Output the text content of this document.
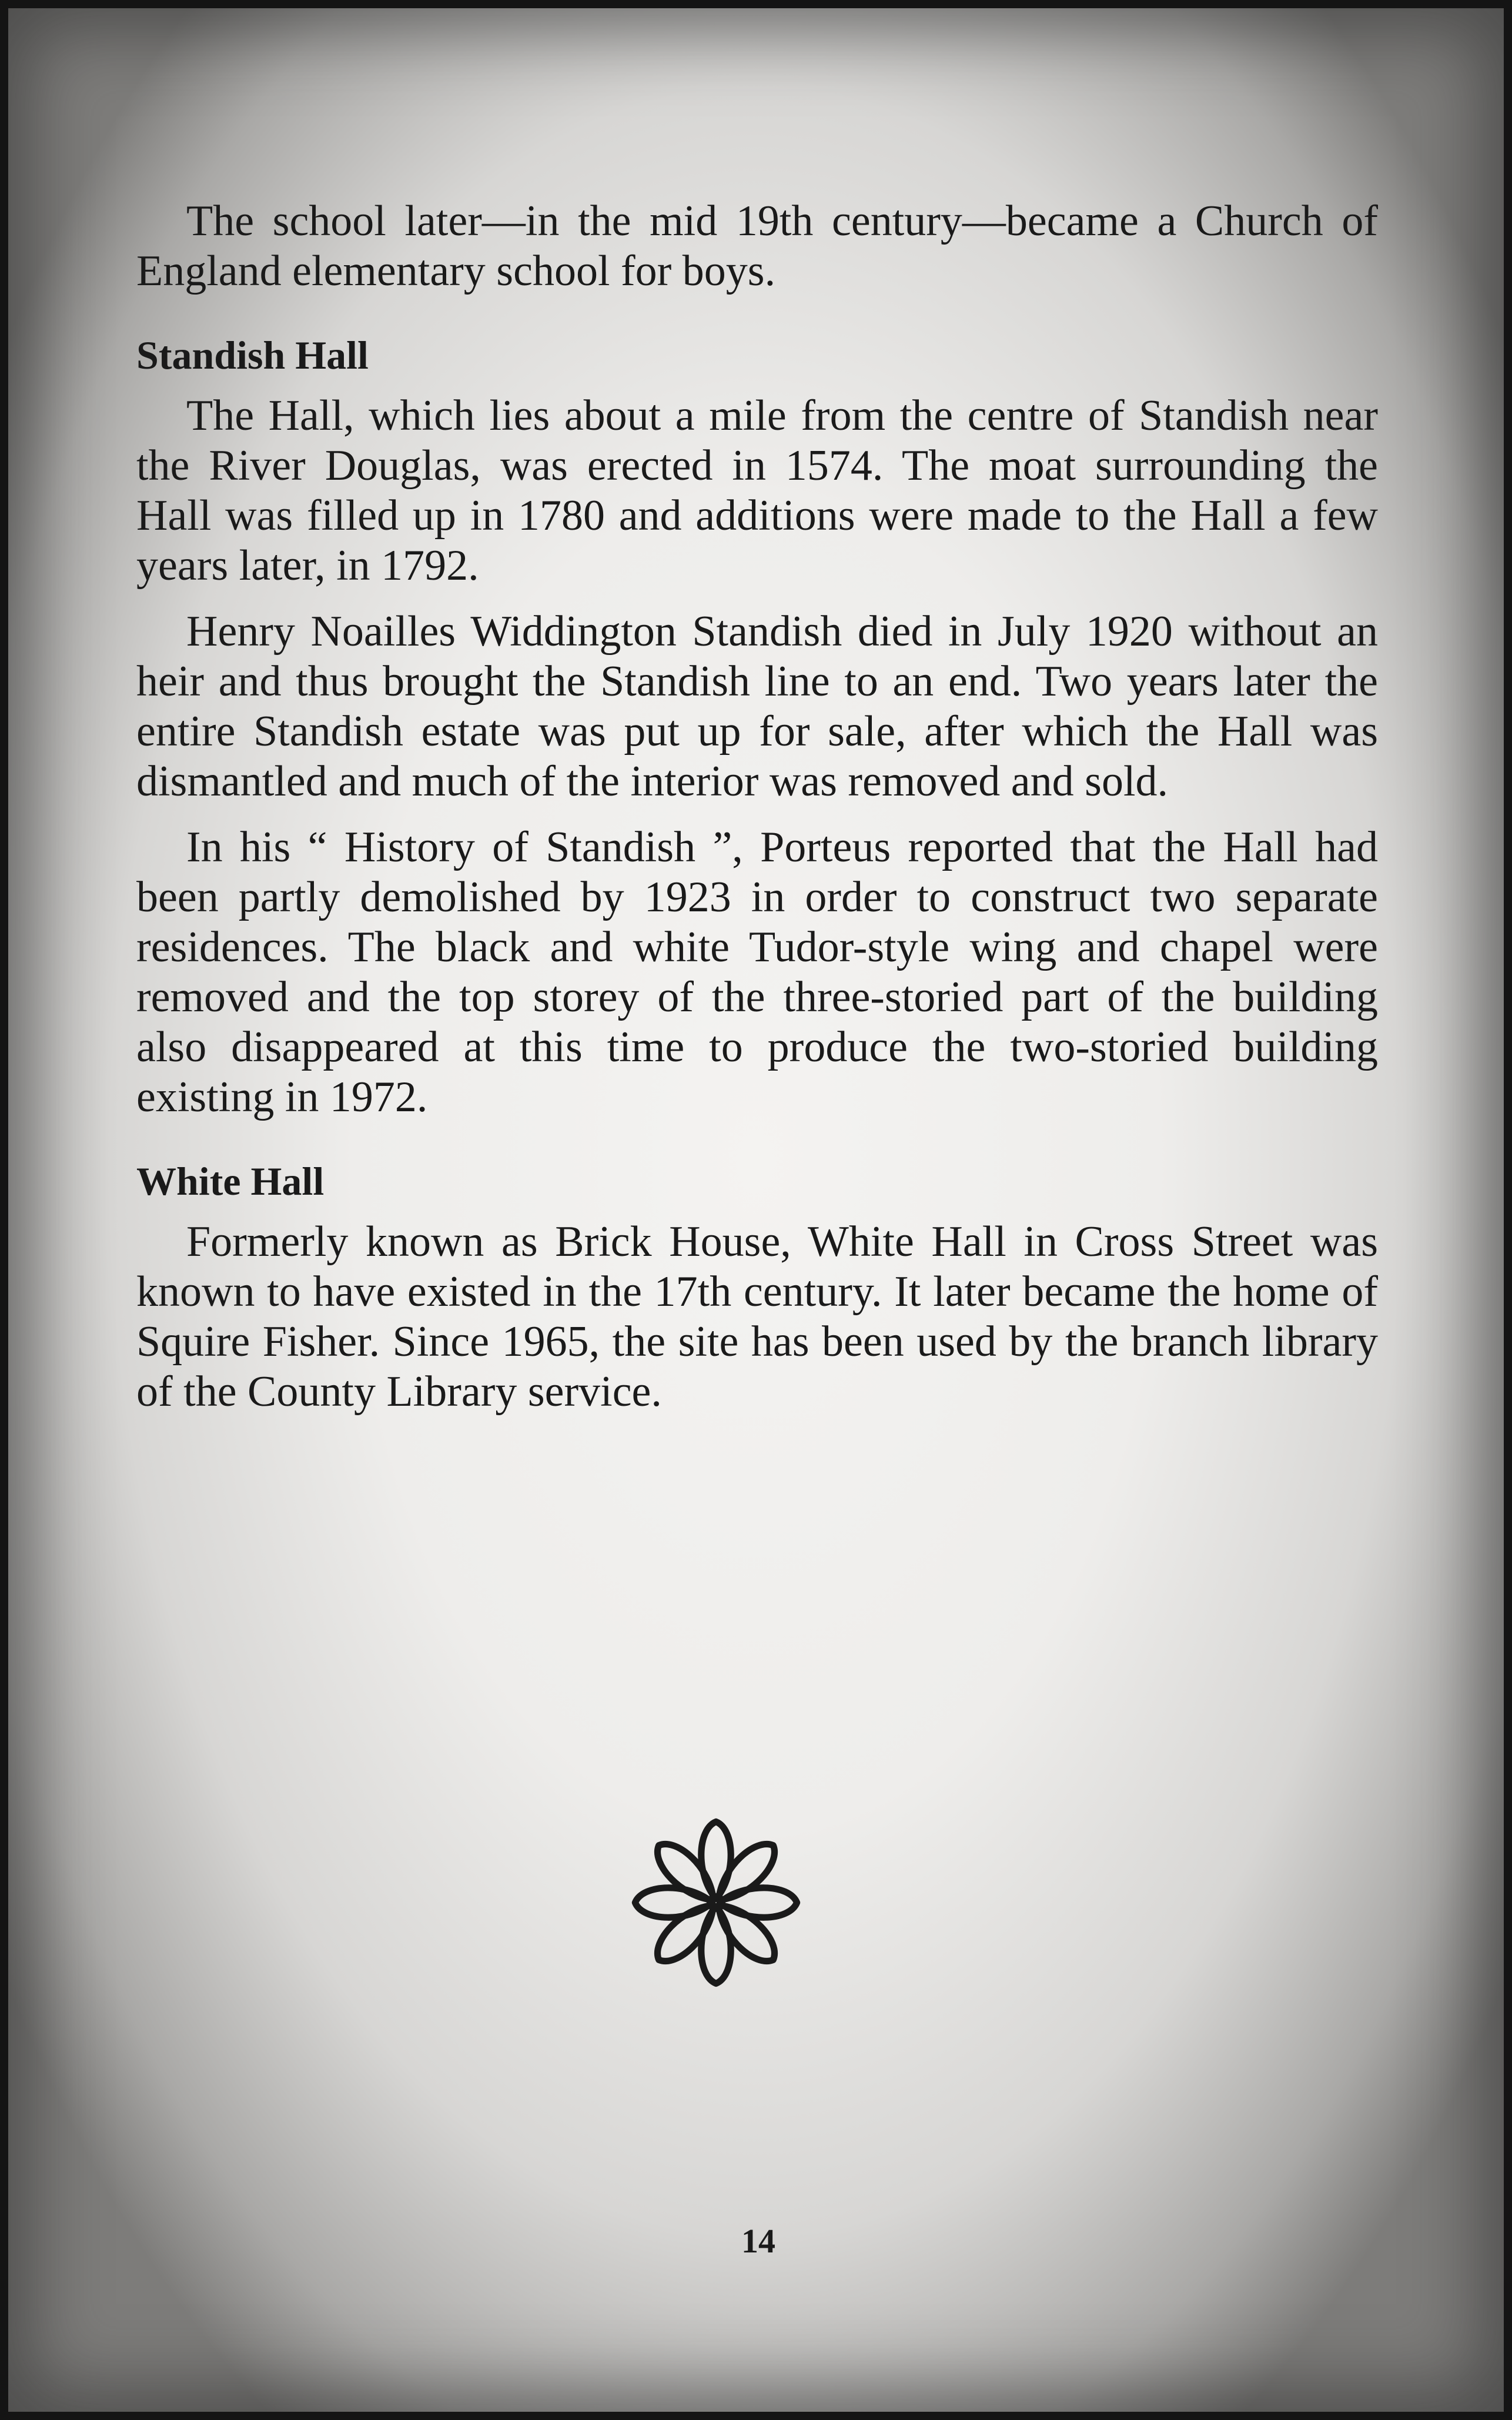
The school later—in the mid 19th century—became a Church of England elementary school for boys.

Standish Hall

The Hall, which lies about a mile from the centre of Standish near the River Douglas, was erected in 1574. The moat surrounding the Hall was filled up in 1780 and additions were made to the Hall a few years later, in 1792.

Henry Noailles Widdington Standish died in July 1920 without an heir and thus brought the Standish line to an end. Two years later the entire Standish estate was put up for sale, after which the Hall was dismantled and much of the interior was removed and sold.

In his “ History of Standish ”, Porteus reported that the Hall had been partly demolished by 1923 in order to construct two separate residences. The black and white Tudor-style wing and chapel were removed and the top storey of the three-storied part of the building also disappeared at this time to produce the two-storied building existing in 1972.

White Hall

Formerly known as Brick House, White Hall in Cross Street was known to have existed in the 17th century. It later became the home of Squire Fisher. Since 1965, the site has been used by the branch library of the County Library service.

14
